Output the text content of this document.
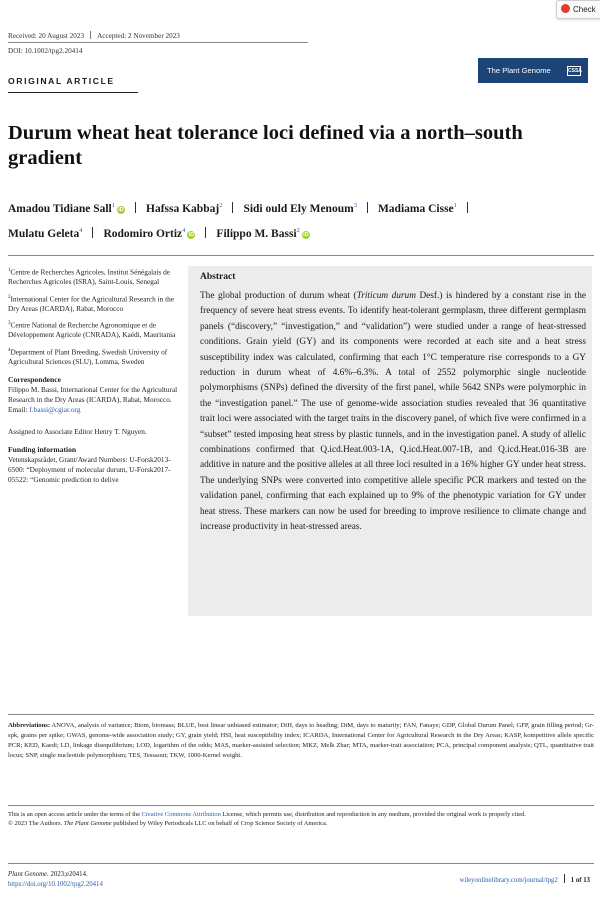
Check
Received: 20 August 2023 Accepted: 2 November 2023
DOI: 10.1002/tpg2.20414
ORIGINAL ARTICLE
The Plant Genome	CSSA
Durum wheat heat tolerance loci defined via a north–south gradient
Amadou Tidiane Sall$^1$iD Hafssa Kabbaj$^2$ Sidi ould Ely Menoum$^3$ Madiama Cisse$^1$
Mulatu Geleta$^4$ Rodomiro Ortiz$^4$iD Filippo M. Bassi$^2$iD

$^1$Centre de Recherches Agricoles, Institut Sénégalais de Recherches Agricoles (ISRA), Saint-Louis, Senegal

$^2$International Center for the Agricultural Research in the Dry Areas (ICARDA), Rabat, Morocco

$^3$Centre National de Recherche Agronomique et de Développement Agricole (CNRADA), Kaédi, Mauritania

$^4$Department of Plant Breeding, Swedish University of Agricultural Sciences (SLU), Lomma, Sweden

Correspondence

Filippo M. Bassi, International Center for the Agricultural Research in the Dry Areas (ICARDA), Rabat, Morocco.
Email: f.bassi@cgiar.org

Assigned to Associate Editor Henry T. Nguyen.

Funding information

Vetenskapsrådet, Grant/Award Numbers: U-Forsk2013-6500: “Deployment of molecular durum, U-Forsk2017-05522: “Genomic prediction to delive

Abstract
The global production of durum wheat (Triticum durum Desf.) is hindered by a constant rise in the frequency of severe heat stress events. To identify heat-tolerant germplasm, three different germplasm panels (“discovery,” “investigation,” and “validation”) were studied under a range of heat-stressed conditions. Grain yield (GY) and its components were recorded at each site and a heat stress susceptibility index was calculated, confirming that each 1°C temperature rise corresponds to a GY reduction in durum wheat of 4.6%–6.3%. A total of 2552 polymorphic single nucleotide polymorphisms (SNPs) defined the diversity of the first panel, while 5642 SNPs were polymorphic in the “investigation panel.” The use of genome-wide association studies revealed that 36 quantitative trait loci were associated with the target traits in the discovery panel, of which five were confirmed in a “subset” tested imposing heat stress by plastic tunnels, and in the investigation panel. A study of allelic combinations confirmed that Q.icd.Heat.003-1A, Q.icd.Heat.007-1B, and Q.icd.Heat.016-3B are additive in nature and the positive alleles at all three loci resulted in a 16% higher GY under heat stress. The underlying SNPs were converted into competitive allele specific PCR markers and tested on the validation panel, confirming that each explained up to 9% of the phenotypic variation for GY under heat stress. These markers can now be used for breeding to improve resilience to climate change and increase productivity in heat-stressed areas.
Abbreviations: ANOVA, analysis of variance; Biom, biomass; BLUE, best linear unbiased estimator; DtH, days to heading; DtM, days to maturity; FAN, Fanaye; GDP, Global Durum Panel; GFP, grain filling period; Gr-spk, grains per spike; GWAS, genome-wide association study; GY, grain yield; HSI, heat susceptibility index; ICARDA, International Center for Agricultural Research in the Dry Areas; KASP, kompetitive allele specific PCR; KED, Kaedi; LD, linkage disequilibrium; LOD, logarithm of the odds; MAS, marker-assisted selection; MKZ, Melk Zhar; MTA, marker-trait association; PCA, principal component analysis; QTL, quantitative trait locus; SNP, single nucleotide polymorphism; TES, Tessaout; TKW, 1000-Kernel weight.
This is an open access article under the terms of the Creative Commons Attribution License, which permits use, distribution and reproduction in any medium, provided the original work is properly cited.
© 2023 The Authors. The Plant Genome published by Wiley Periodicals LLC on behalf of Crop Science Society of America.
Plant Genome. 2023;e20414.
https://doi.org/10.1002/tpg2.20414	wileyonlinelibrary.com/journal/tpg2 1 of 13
